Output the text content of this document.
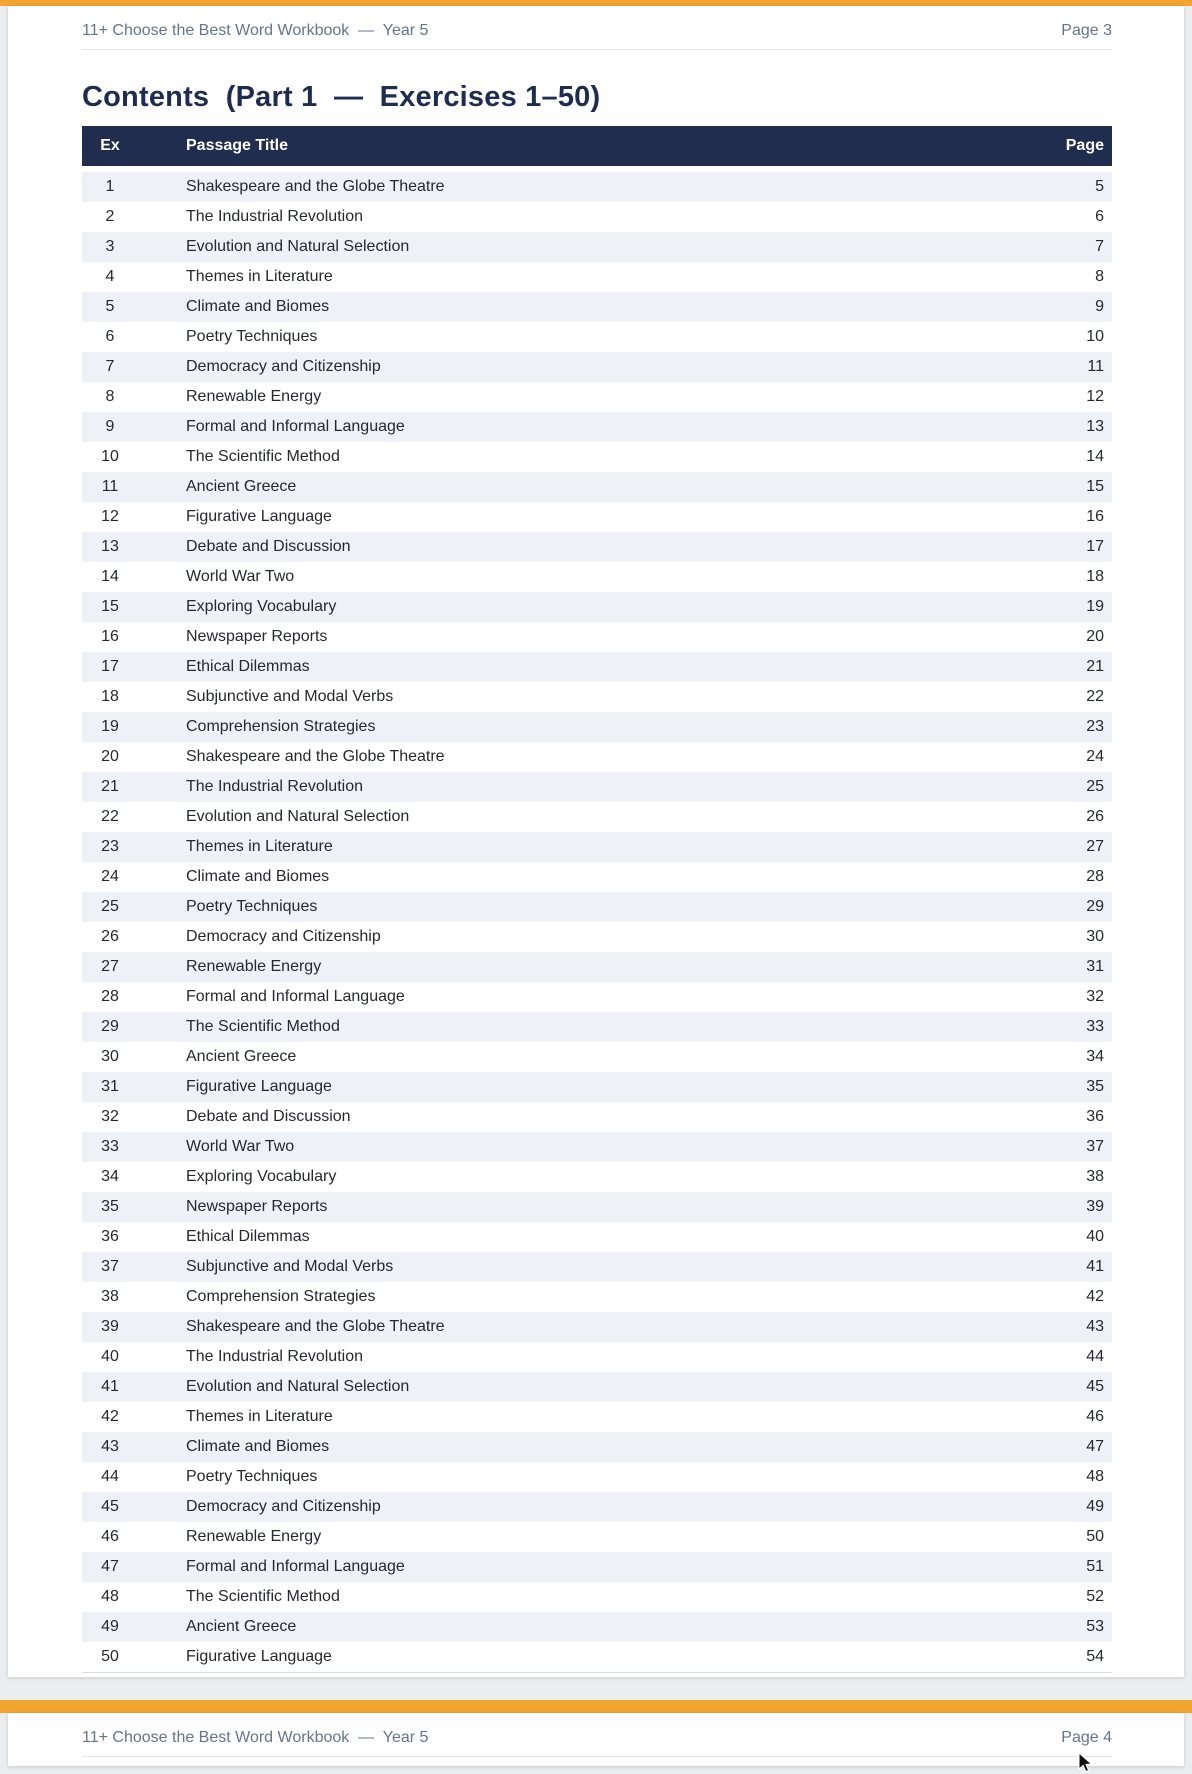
11+ Choose the Best Word Workbook  —  Year 5	Page 3
Contents  (Part 1  —  Exercises 1–50)
Ex	Passage Title	Page
1	Shakespeare and the Globe Theatre	5
2	The Industrial Revolution	6
3	Evolution and Natural Selection	7
4	Themes in Literature	8
5	Climate and Biomes	9
6	Poetry Techniques	10
7	Democracy and Citizenship	11
8	Renewable Energy	12
9	Formal and Informal Language	13
10	The Scientific Method	14
11	Ancient Greece	15
12	Figurative Language	16
13	Debate and Discussion	17
14	World War Two	18
15	Exploring Vocabulary	19
16	Newspaper Reports	20
17	Ethical Dilemmas	21
18	Subjunctive and Modal Verbs	22
19	Comprehension Strategies	23
20	Shakespeare and the Globe Theatre	24
21	The Industrial Revolution	25
22	Evolution and Natural Selection	26
23	Themes in Literature	27
24	Climate and Biomes	28
25	Poetry Techniques	29
26	Democracy and Citizenship	30
27	Renewable Energy	31
28	Formal and Informal Language	32
29	The Scientific Method	33
30	Ancient Greece	34
31	Figurative Language	35
32	Debate and Discussion	36
33	World War Two	37
34	Exploring Vocabulary	38
35	Newspaper Reports	39
36	Ethical Dilemmas	40
37	Subjunctive and Modal Verbs	41
38	Comprehension Strategies	42
39	Shakespeare and the Globe Theatre	43
40	The Industrial Revolution	44
41	Evolution and Natural Selection	45
42	Themes in Literature	46
43	Climate and Biomes	47
44	Poetry Techniques	48
45	Democracy and Citizenship	49
46	Renewable Energy	50
47	Formal and Informal Language	51
48	The Scientific Method	52
49	Ancient Greece	53
50	Figurative Language	54
11+ Choose the Best Word Workbook  —  Year 5	Page 4
